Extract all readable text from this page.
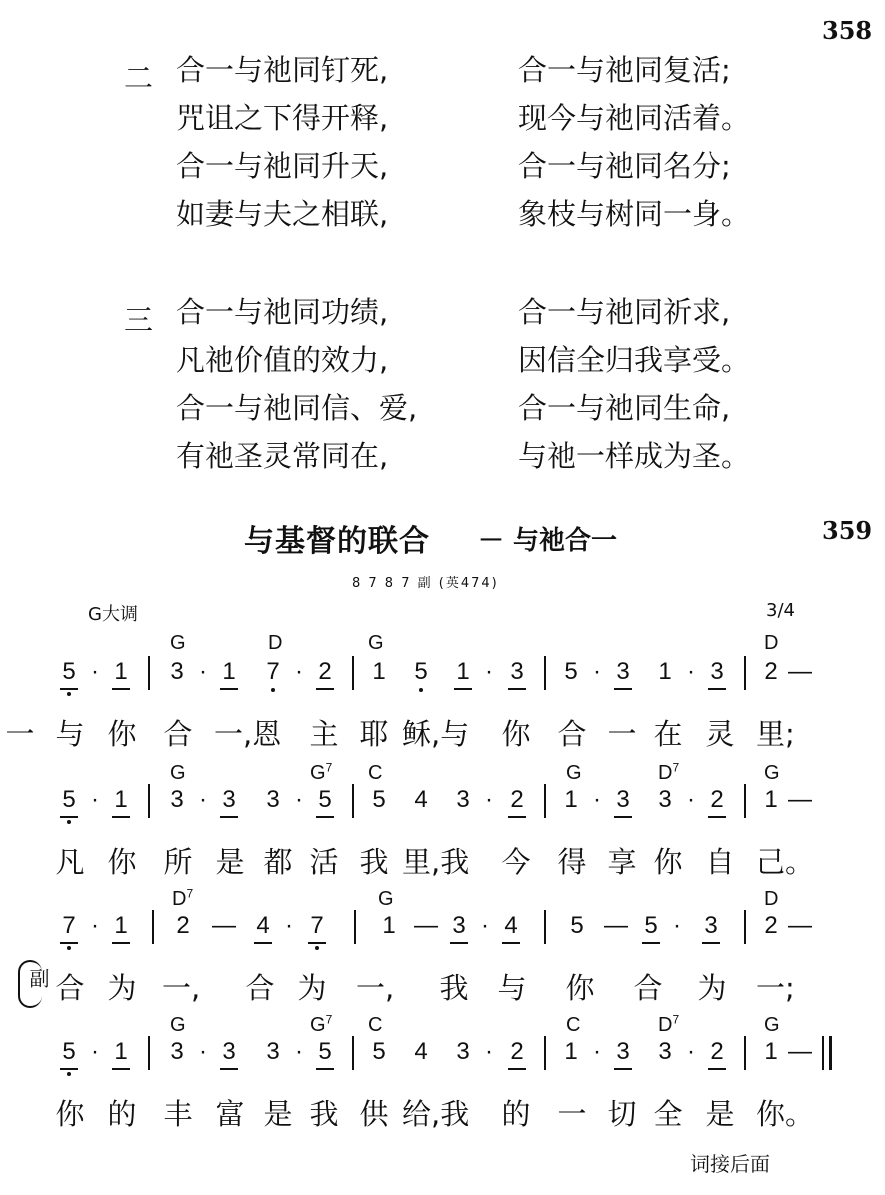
358
二 合一与祂同钉死,	合一与祂同复活;
咒诅之下得开释,	现今与祂同活着。
合一与祂同升天,	合一与祂同名分;
如妻与夫之相联,	象枝与树同一身。
三 合一与祂同功绩,	合一与祂同祈求,
凡祂价值的效力,	因信全归我享受。
合一与祂同信、爱,	合一与祂同生命,
有祂圣灵常同在,	与祂一样成为圣。
与基督的联合 － 与祂合一	359
8 7 8 7 副 (英474)
G大调	3/4
G	D	G	D
5 · 1 3 · 1 7 · 2 1 5 1 · 3 5 · 3 1 · 3 2 —
一 与 你 合 一,恩 主 耶 稣,与 你 合 一 在 灵 里;
G	$G^7$ C	G	$D^7$	G
5 · 1 3 · 3 3 · 5 5 4 3 · 2 1 · 3 3 · 2 1 —
凡 你 所 是 都 活 我 里,我 今 得 享 你 自 己。
$D^7$	G	D
7 · 1 2 — 4 · 7 1 — 3 · 4 5 — 5 · 3 2 —
副 合 为 一, 合 为 一, 我 与 你 合 为 一;
G	$G^7$ C	C	$D^7$	G
5 · 1 3 · 3 3 · 5 5 4 3 · 2 1 · 3 3 · 2 1 —
你 的 丰 富 是 我 供 给,我 的 一 切 全 是 你。
词接后面
